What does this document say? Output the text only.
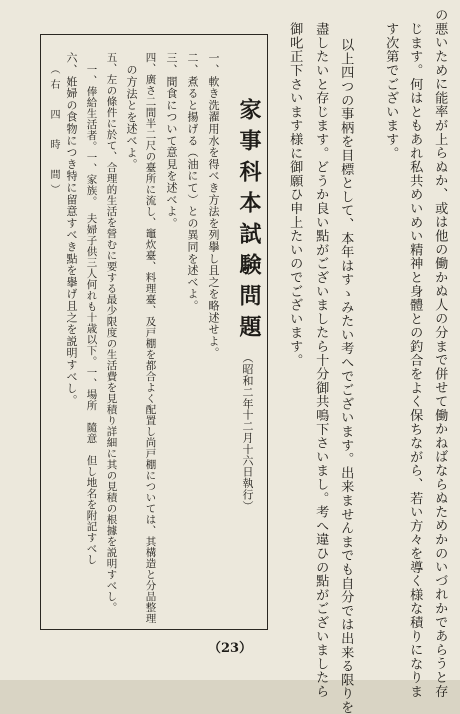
の悪いために能率が上らぬか、或は他の働かぬ人の分まで併せて働かねばならぬためかのいづれかであらうと存
じます。何はともあれ私共めいめい精神と身體との釣合をよく保ちながら、若い方々を導く様な積りになりま
す次第でございます。
以上四つの事柄を目標として、本年はすゝみたい考へでございます。出来ませんまでも自分では出来る限りを
盡したいと存じます。どうか良い點がございましたら十分御共鳴下さいまし。考へ違ひの點がございましたら
御叱正下さいます様に御願ひ申上たいのでございます。
家事科本試験問題
（昭和二年十二月十六日執行）
一、軟き洗濯用水を得べき方法を列擧し且之を略述せよ。
二、煮ると揚げる（油にて）との異同を述べよ。
三、間食について意見を述べよ。
四、廣さ二間半二尺の臺所に流し、竈炊臺、料理臺、及戸棚を都合よく配置し尚戸棚については、其構造と分品整理
の方法とを述べよ。
五、左の條件に於て、合理的生活を營むに要する最少限度の生活費を見積り詳細に其の見積の根據を説明すべし。
一、俸給生活者。一、家族。　夫婦子供三人何れも十歳以下。一、場所　隨意　但し地名を附記すべし
六、姙婦の食物につき特に留意すべき點を擧げ且之を説明すべし。
（右　四　時　間）
（23）
